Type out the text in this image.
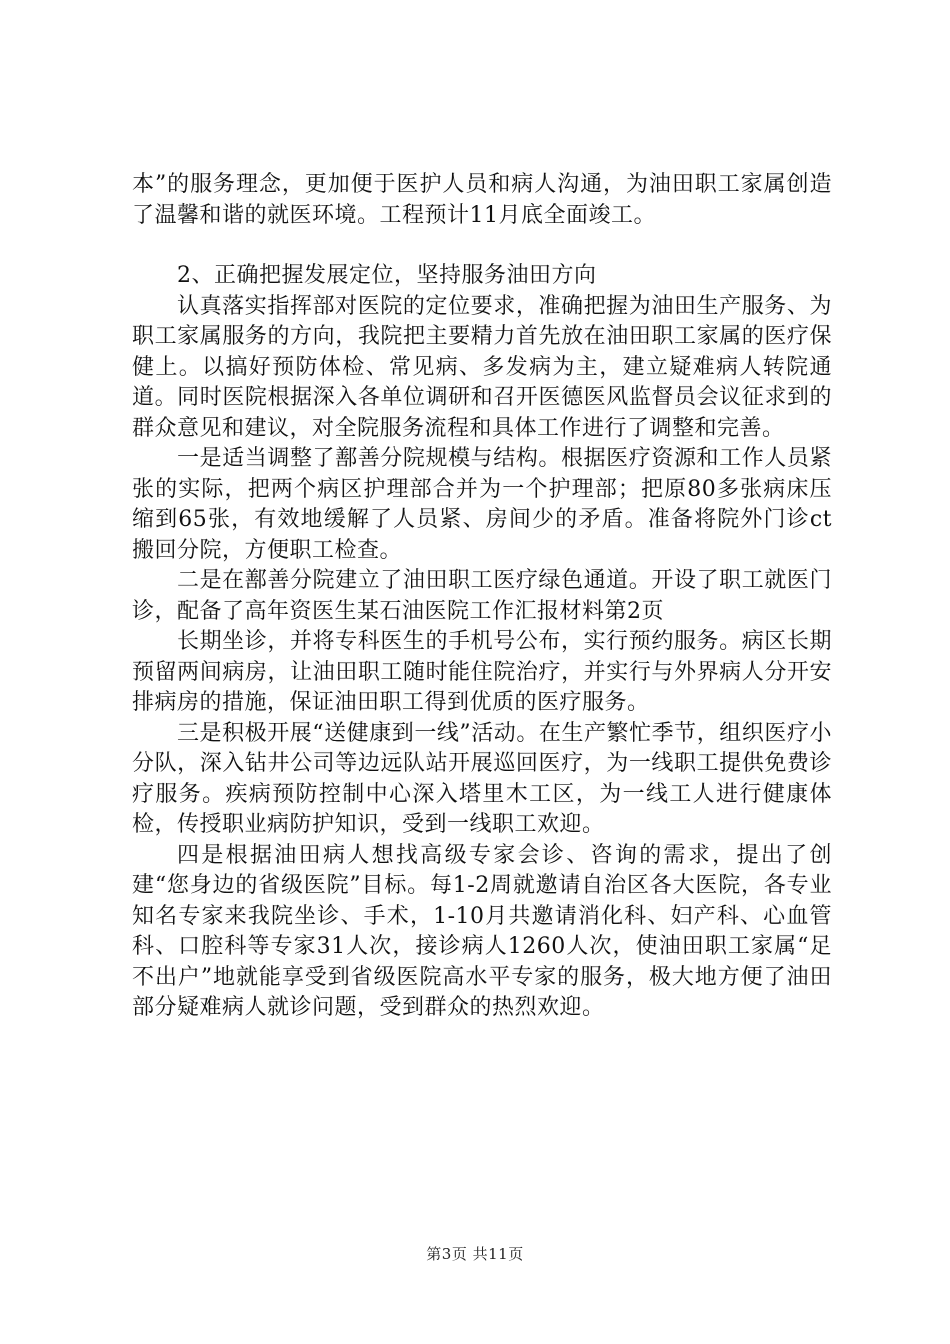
本”的服务理念，更加便于医护人员和病人沟通，为油田职工家属创造了温馨和谐的就医环境。工程预计11月底全面竣工。

2、正确把握发展定位，坚持服务油田方向

认真落实指挥部对医院的定位要求，准确把握为油田生产服务、为职工家属服务的方向，我院把主要精力首先放在油田职工家属的医疗保健上。以搞好预防体检、常见病、多发病为主，建立疑难病人转院通道。同时医院根据深入各单位调研和召开医德医风监督员会议征求到的群众意见和建议，对全院服务流程和具体工作进行了调整和完善。

一是适当调整了鄯善分院规模与结构。根据医疗资源和工作人员紧张的实际，把两个病区护理部合并为一个护理部；把原80多张病床压缩到65张，有效地缓解了人员紧、房间少的矛盾。准备将院外门诊ct搬回分院，方便职工检查。

二是在鄯善分院建立了油田职工医疗绿色通道。开设了职工就医门诊，配备了高年资医生某石油医院工作汇报材料第2页

长期坐诊，并将专科医生的手机号公布，实行预约服务。病区长期预留两间病房，让油田职工随时能住院治疗，并实行与外界病人分开安排病房的措施，保证油田职工得到优质的医疗服务。

三是积极开展“送健康到一线”活动。在生产繁忙季节，组织医疗小分队，深入钻井公司等边远队站开展巡回医疗，为一线职工提供免费诊疗服务。疾病预防控制中心深入塔里木工区，为一线工人进行健康体检，传授职业病防护知识，受到一线职工欢迎。

四是根据油田病人想找高级专家会诊、咨询的需求，提出了创建“您身边的省级医院”目标。每1-2周就邀请自治区各大医院，各专业知名专家来我院坐诊、手术，1-10月共邀请消化科、妇产科、心血管科、口腔科等专家31人次，接诊病人1260人次，使油田职工家属“足不出户”地就能享受到省级医院高水平专家的服务，极大地方便了油田部分疑难病人就诊问题，受到群众的热烈欢迎。

第3页 共11页
